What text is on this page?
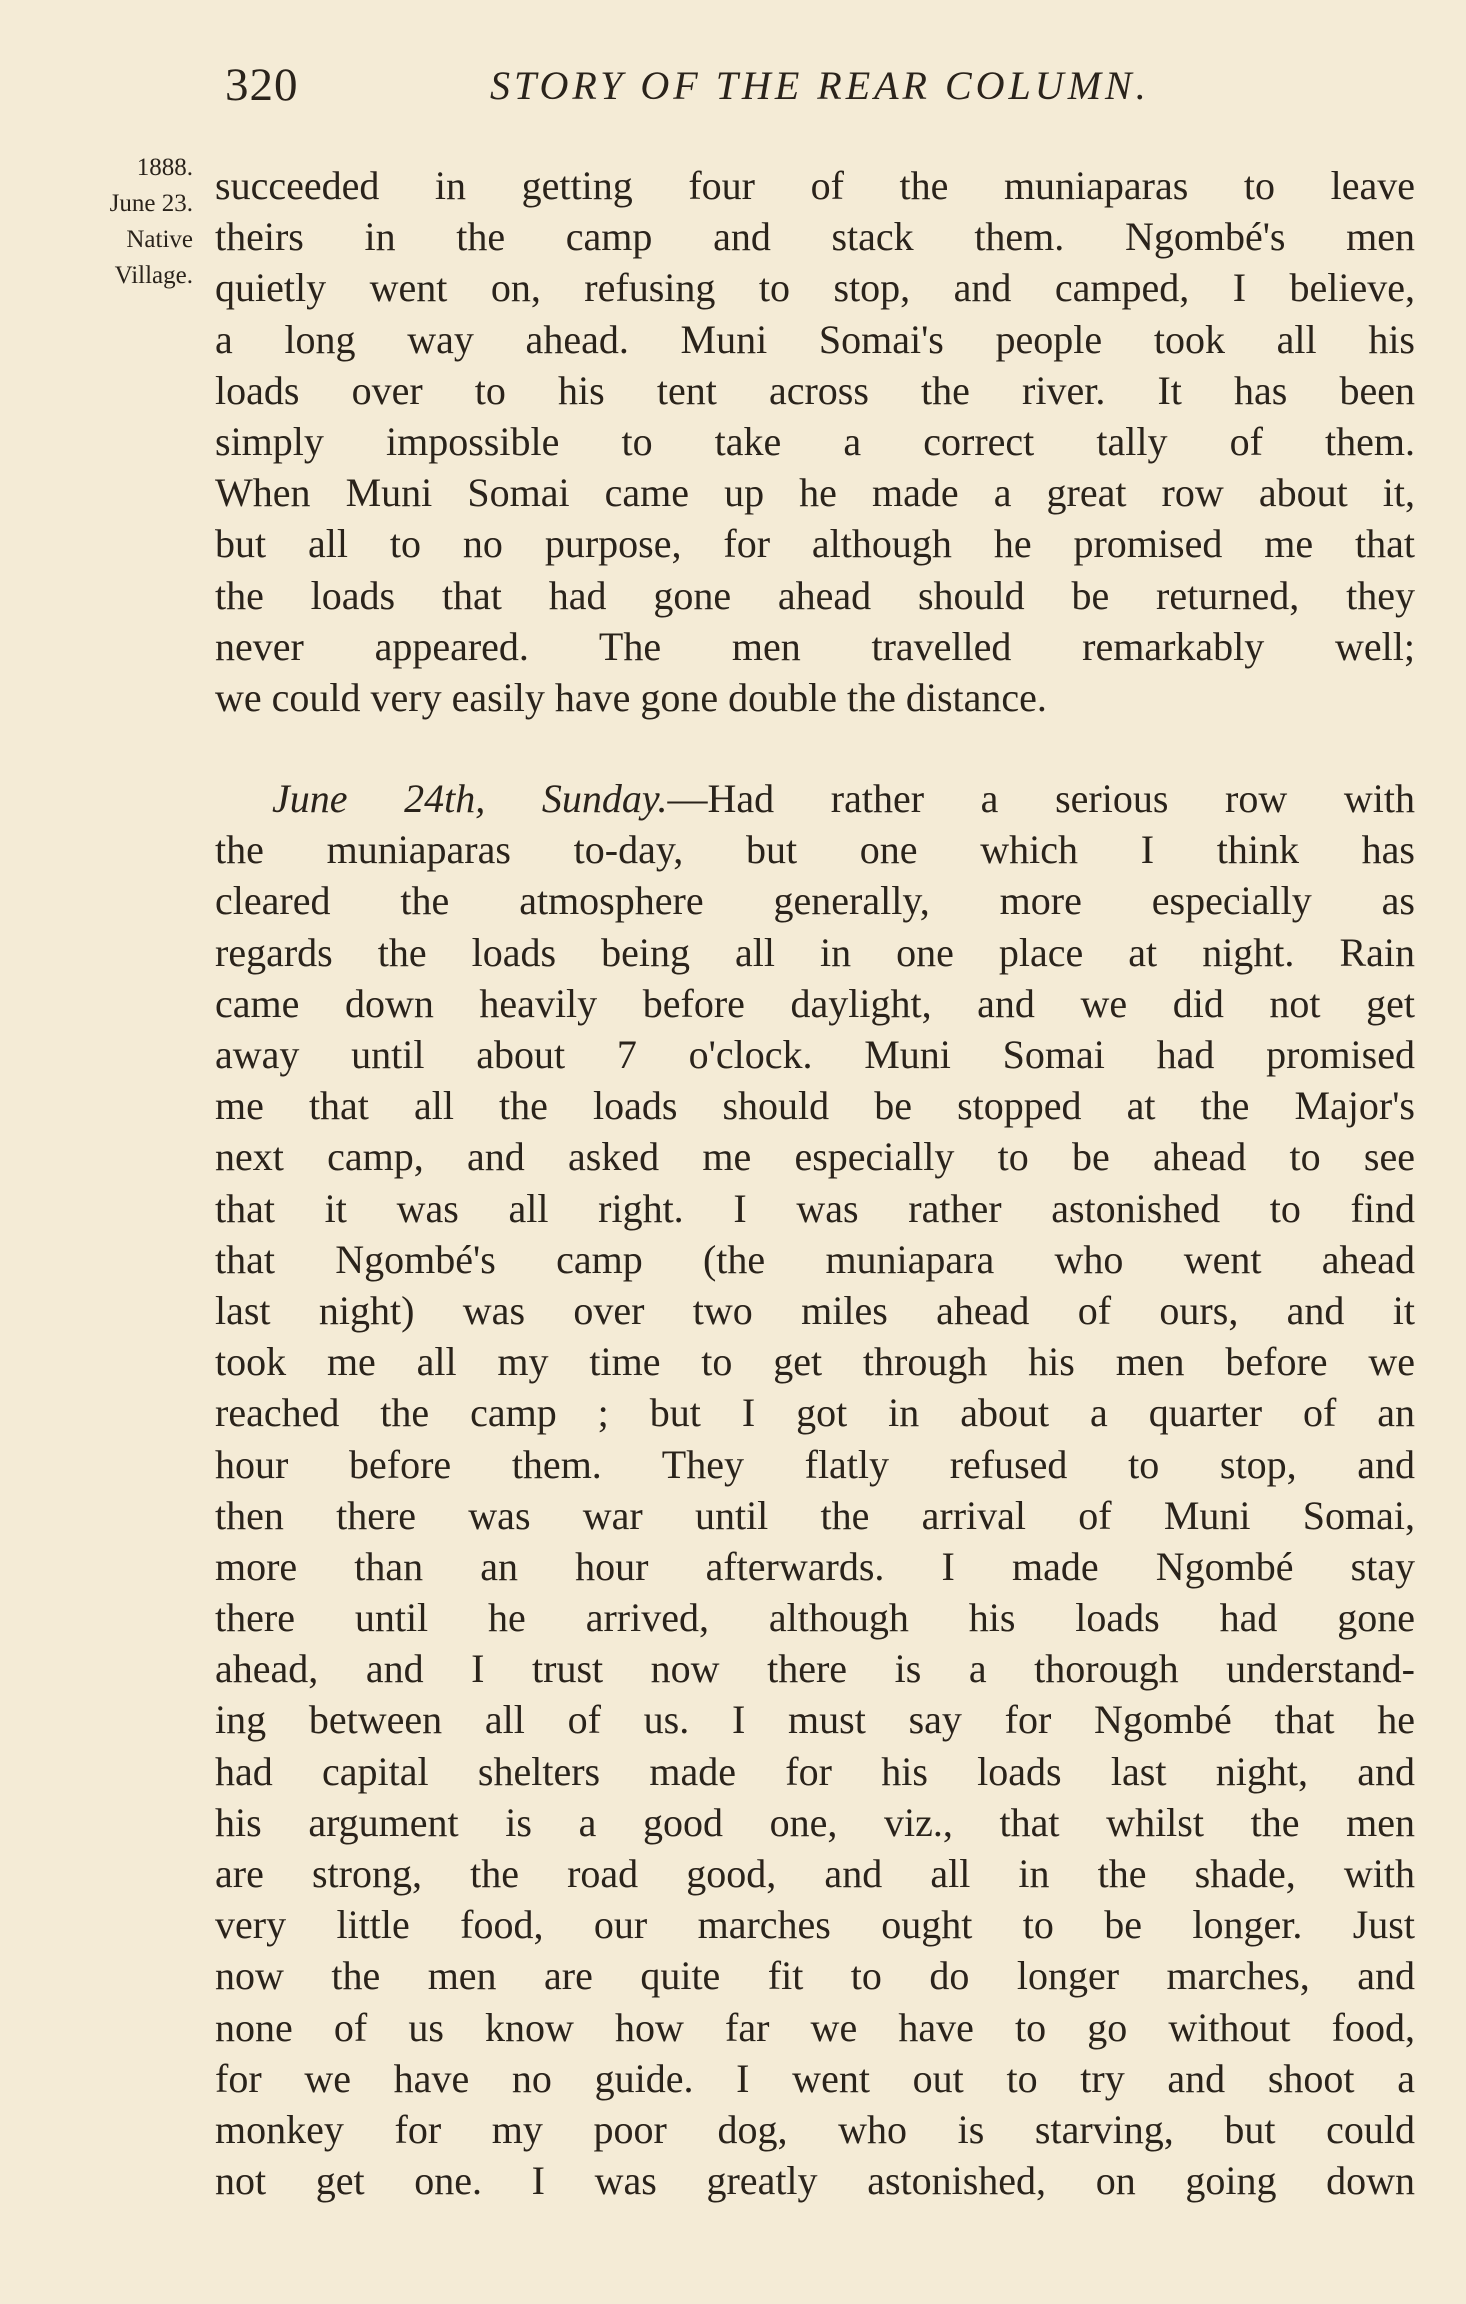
320	STORY OF THE REAR COLUMN.
1888.
June 23.
Native
Village.
succeeded in getting four of the muniaparas to leave
theirs in the camp and stack them. Ngombé's men
quietly went on, refusing to stop, and camped, I believe,
a long way ahead. Muni Somai's people took all his
loads over to his tent across the river. It has been
simply impossible to take a correct tally of them.
When Muni Somai came up he made a great row about it,
but all to no purpose, for although he promised me that
the loads that had gone ahead should be returned, they
never appeared. The men travelled remarkably well;
we could very easily have gone double the distance.
June 24th, Sunday.—Had rather a serious row with
the muniaparas to-day, but one which I think has
cleared the atmosphere generally, more especially as
regards the loads being all in one place at night. Rain
came down heavily before daylight, and we did not get
away until about 7 o'clock. Muni Somai had promised
me that all the loads should be stopped at the Major's
next camp, and asked me especially to be ahead to see
that it was all right. I was rather astonished to find
that Ngombé's camp (the muniapara who went ahead
last night) was over two miles ahead of ours, and it
took me all my time to get through his men before we
reached the camp ; but I got in about a quarter of an
hour before them. They flatly refused to stop, and
then there was war until the arrival of Muni Somai,
more than an hour afterwards. I made Ngombé stay
there until he arrived, although his loads had gone
ahead, and I trust now there is a thorough understand-
ing between all of us. I must say for Ngombé that he
had capital shelters made for his loads last night, and
his argument is a good one, viz., that whilst the men
are strong, the road good, and all in the shade, with
very little food, our marches ought to be longer. Just
now the men are quite fit to do longer marches, and
none of us know how far we have to go without food,
for we have no guide. I went out to try and shoot a
monkey for my poor dog, who is starving, but could
not get one. I was greatly astonished, on going down
